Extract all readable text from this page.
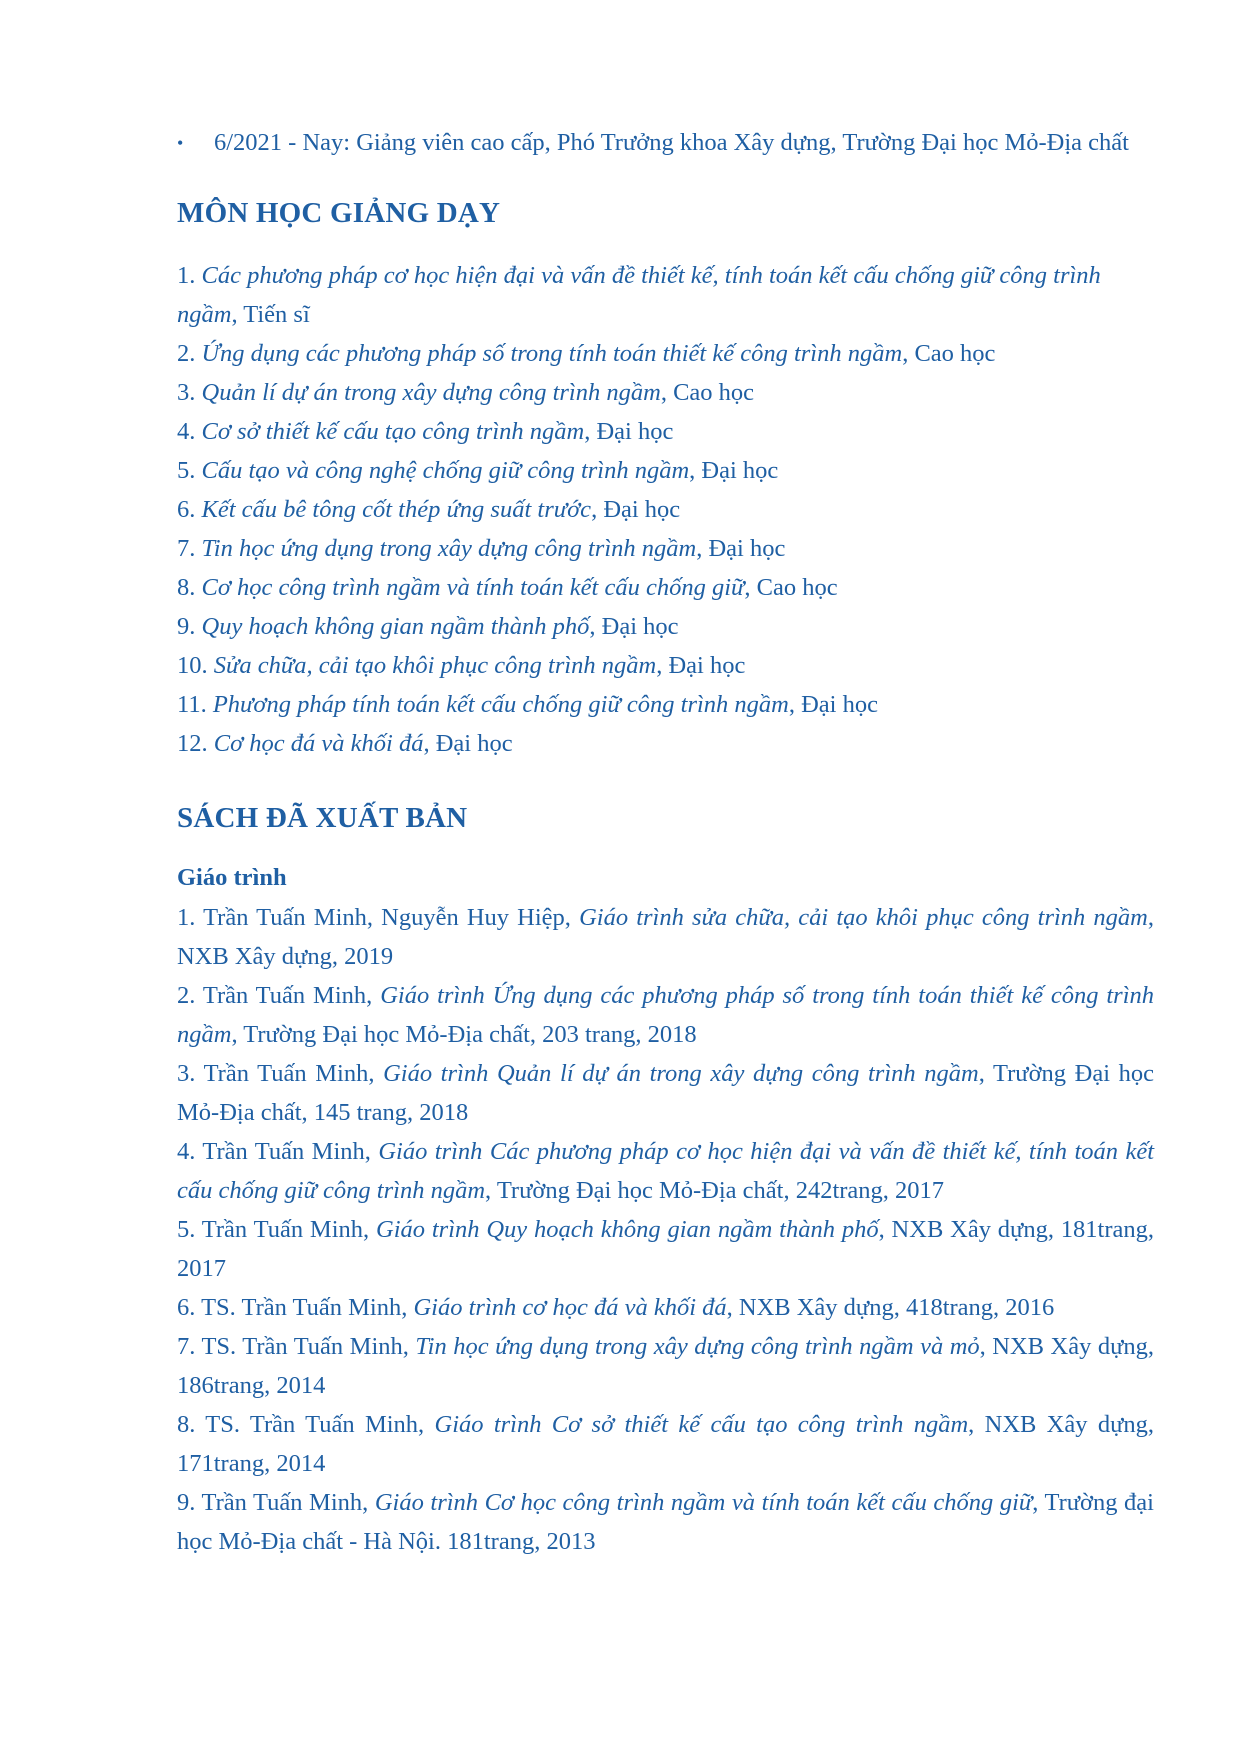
•	6/2021 - Nay: Giảng viên cao cấp, Phó Trưởng khoa Xây dựng, Trường Đại học Mỏ-Địa chất
MÔN HỌC GIẢNG DẠY

1. Các phương pháp cơ học hiện đại và vấn đề thiết kế, tính toán kết cấu chống giữ công trình ngầm, Tiến sĩ

2. Ứng dụng các phương pháp số trong tính toán thiết kế công trình ngầm, Cao học

3. Quản lí dự án trong xây dựng công trình ngầm, Cao học

4. Cơ sở thiết kế cấu tạo công trình ngầm, Đại học

5. Cấu tạo và công nghệ chống giữ công trình ngầm, Đại học

6. Kết cấu bê tông cốt thép ứng suất trước, Đại học

7. Tin học ứng dụng trong xây dựng công trình ngầm, Đại học

8. Cơ học công trình ngầm và tính toán kết cấu chống giữ, Cao học

9. Quy hoạch không gian ngầm thành phố, Đại học

10. Sửa chữa, cải tạo khôi phục công trình ngầm, Đại học

11. Phương pháp tính toán kết cấu chống giữ công trình ngầm, Đại học

12. Cơ học đá và khối đá, Đại học

SÁCH ĐÃ XUẤT BẢN

Giáo trình

1. Trần Tuấn Minh, Nguyễn Huy Hiệp, Giáo trình sửa chữa, cải tạo khôi phục công trình ngầm, NXB Xây dựng, 2019

2. Trần Tuấn Minh, Giáo trình Ứng dụng các phương pháp số trong tính toán thiết kế công trình ngầm, Trường Đại học Mỏ-Địa chất, 203 trang, 2018

3. Trần Tuấn Minh, Giáo trình Quản lí dự án trong xây dựng công trình ngầm, Trường Đại học Mỏ-Địa chất, 145 trang, 2018

4. Trần Tuấn Minh, Giáo trình Các phương pháp cơ học hiện đại và vấn đề thiết kế, tính toán kết cấu chống giữ công trình ngầm, Trường Đại học Mỏ-Địa chất, 242trang, 2017

5. Trần Tuấn Minh, Giáo trình Quy hoạch không gian ngầm thành phố, NXB Xây dựng, 181trang, 2017

6. TS. Trần Tuấn Minh, Giáo trình cơ học đá và khối đá, NXB Xây dựng, 418trang, 2016

7. TS. Trần Tuấn Minh, Tin học ứng dụng trong xây dựng công trình ngầm và mỏ, NXB Xây dựng, 186trang, 2014

8. TS. Trần Tuấn Minh, Giáo trình Cơ sở thiết kế cấu tạo công trình ngầm, NXB Xây dựng, 171trang, 2014

9. Trần Tuấn Minh, Giáo trình Cơ học công trình ngầm và tính toán kết cấu chống giữ, Trường đại học Mỏ-Địa chất - Hà Nội. 181trang, 2013
